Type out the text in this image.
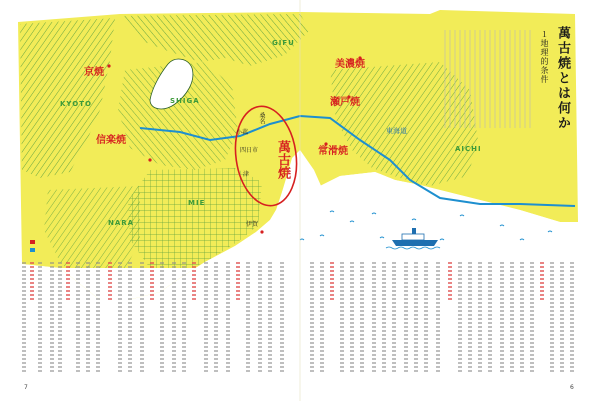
KYOTO	SHIGA
GIFU
AICHI
NARA
MIE
京焼
信楽焼
美濃焼
瀬戸焼
常滑焼
萬古焼
桑名
小菰
四日市
津
伊賀
東海道	萬古焼とは何か
１地理的条件
7	6
